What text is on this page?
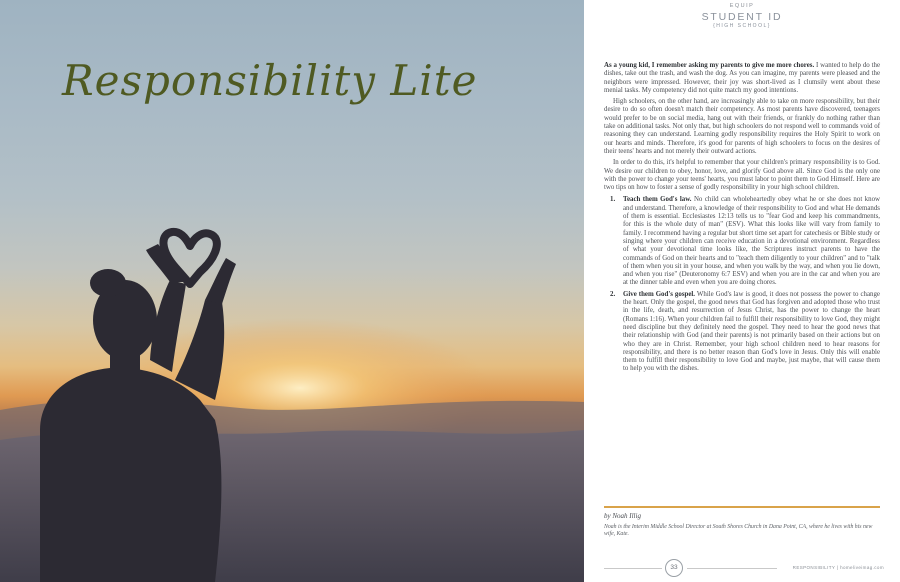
Responsibility Lite
EQUIP
STUDENT ID
{HIGH SCHOOL}

As a young kid, I remember asking my parents to give me more chores. I wanted to help do the dishes, take out the trash, and wash the dog. As you can imagine, my parents were pleased and the neighbors were impressed. However, their joy was short-lived as I clumsily went about these menial tasks. My competency did not quite match my good intentions.

High schoolers, on the other hand, are increasingly able to take on more responsibility, but their desire to do so often doesn't match their competency. As most parents have discovered, teenagers would prefer to be on social media, hang out with their friends, or frankly do nothing rather than take on additional tasks. Not only that, but high schoolers do not respond well to commands void of reasoning they can understand. Learning godly responsibility requires the Holy Spirit to work on our hearts and minds. Therefore, it's good for parents of high schoolers to focus on the desires of their teens' hearts and not merely their outward actions.

In order to do this, it's helpful to remember that your children's primary responsibility is to God. We desire our children to obey, honor, love, and glorify God above all. Since God is the only one with the power to change your teens' hearts, you must labor to point them to God Himself. Here are two tips on how to foster a sense of godly responsibility in your high school children.

1. Teach them God's law. No child can wholeheartedly obey what he or she does not know and understand. Therefore, a knowledge of their responsibility to God and what He demands of them is essential. Ecclesiastes 12:13 tells us to "fear God and keep his commandments, for this is the whole duty of man" (ESV). What this looks like will vary from family to family. I recommend having a regular but short time set apart for catechesis or Bible study or singing where your children can receive education in a devotional environment. Regardless of what your devotional time looks like, the Scriptures instruct parents to have the commands of God on their hearts and to "teach them diligently to your children" and to "talk of them when you sit in your house, and when you walk by the way, and when you lie down, and when you rise" (Deuteronomy 6:7 ESV) and when you are in the car and when you are at the dinner table and even when you are doing chores.
2. Give them God's gospel. While God's law is good, it does not possess the power to change the heart. Only the gospel, the good news that God has forgiven and adopted those who trust in the life, death, and resurrection of Jesus Christ, has the power to change the heart (Romans 1:16). When your children fail to fulfill their responsibility to love God, they might need discipline but they definitely need the gospel. They need to hear the good news that their relationship with God (and their parents) is not primarily based on their actions but on who they are in Christ. Remember, your high school children need to hear reasons for responsibility, and there is no better reason than God's love in Jesus. Only this will enable them to fulfill their responsibility to love God and maybe, just maybe, that will cause them to help you with the dishes.
by Noah Illig
Noah is the Interim Middle School Director at South Shores Church in Dana Point, CA, where he lives with his new wife, Kate.
33	RESPONSIBILITY | homeliveimag.com
